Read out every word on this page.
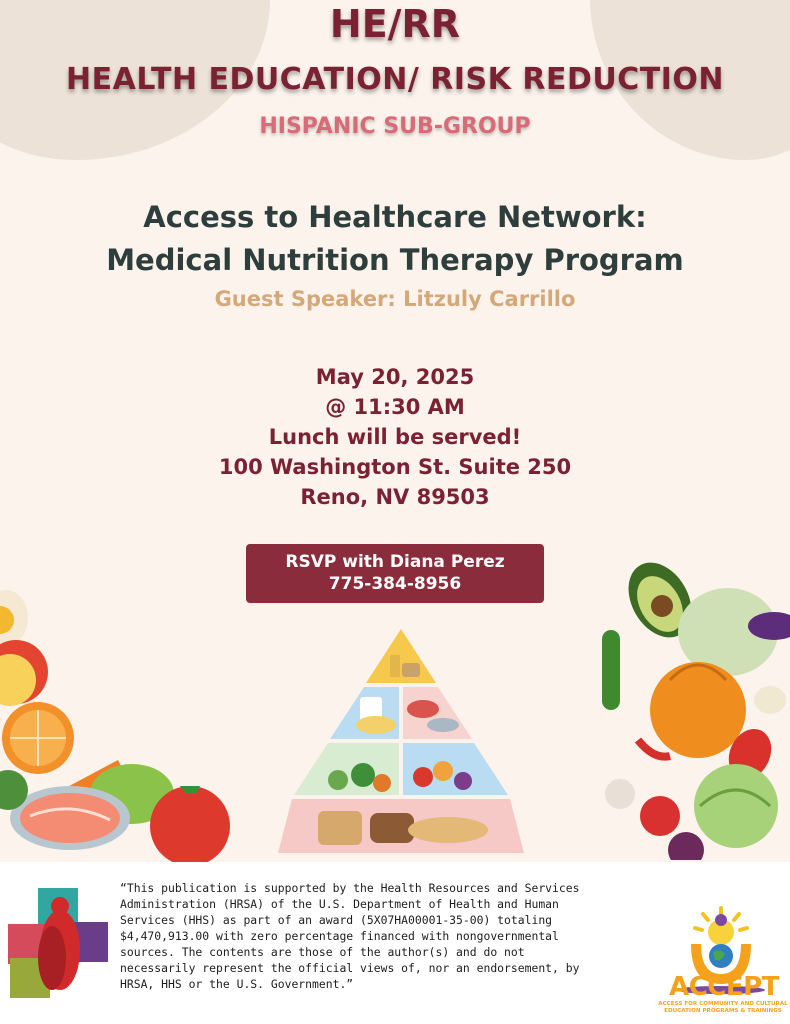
HE/RR
HEALTH EDUCATION/ RISK REDUCTION
HISPANIC SUB-GROUP
Access to Healthcare Network:
Medical Nutrition Therapy Program
Guest Speaker: Litzuly Carrillo
May 20, 2025
@ 11:30 AM
Lunch will be served!
100 Washington St. Suite 250
Reno, NV 89503
RSVP with Diana Perez
775-384-8956
“This publication is supported by the Health Resources and Services
Administration (HRSA) of the U.S. Department of Health and Human
Services (HHS) as part of an award (5X07HA00001-35-00) totaling
$4,470,913.00 with zero percentage financed with nongovernmental
sources. The contents are those of the author(s) and do not
necessarily represent the official views of, nor an endorsement, by
HRSA, HHS or the U.S. Government.”	ACCEPT
ACCESS FOR COMMUNITY AND CULTURAL
EDUCATION PROGRAMS & TRAININGS
